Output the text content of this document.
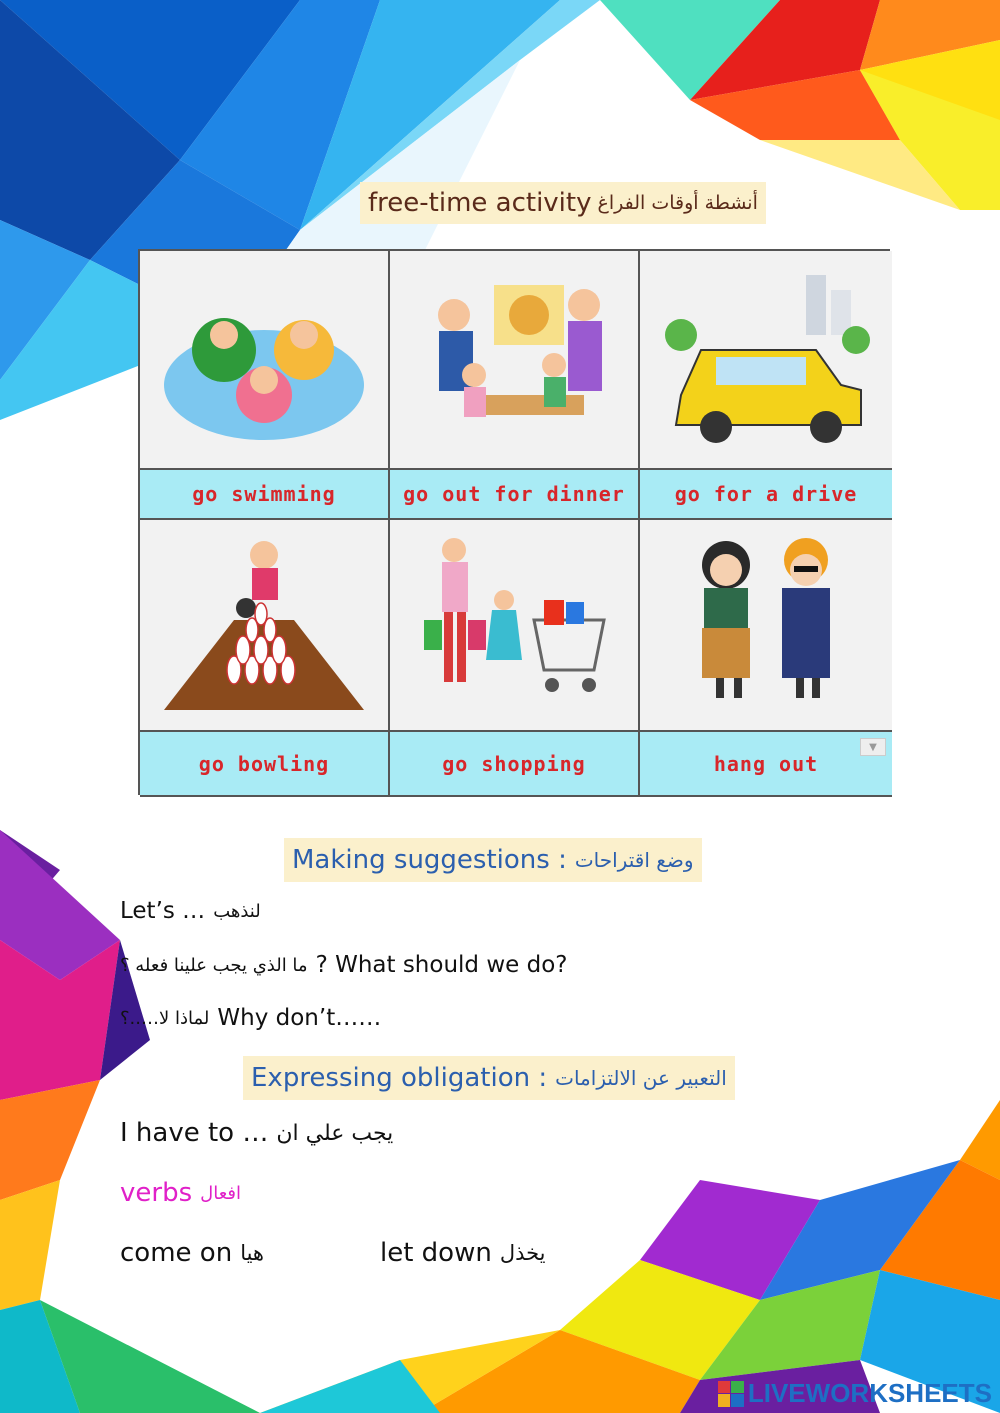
free-time activity أنشطة أوقات الفراغ
go swimming	go out for dinner go for a drive
go bowling	go shopping	hang out
▼
Making suggestions : وضع اقتراحات
Let’s … لنذهب
? What should we do?
ما الذي يجب علينا فعله ؟
Why don’t……
لماذا لا…..؟
Expressing obligation : التعبير عن الالتزامات
I have to … يجب علي ان
verbs افعال
come on هيا	let down يخذل
LIVEWORKSHEETS
